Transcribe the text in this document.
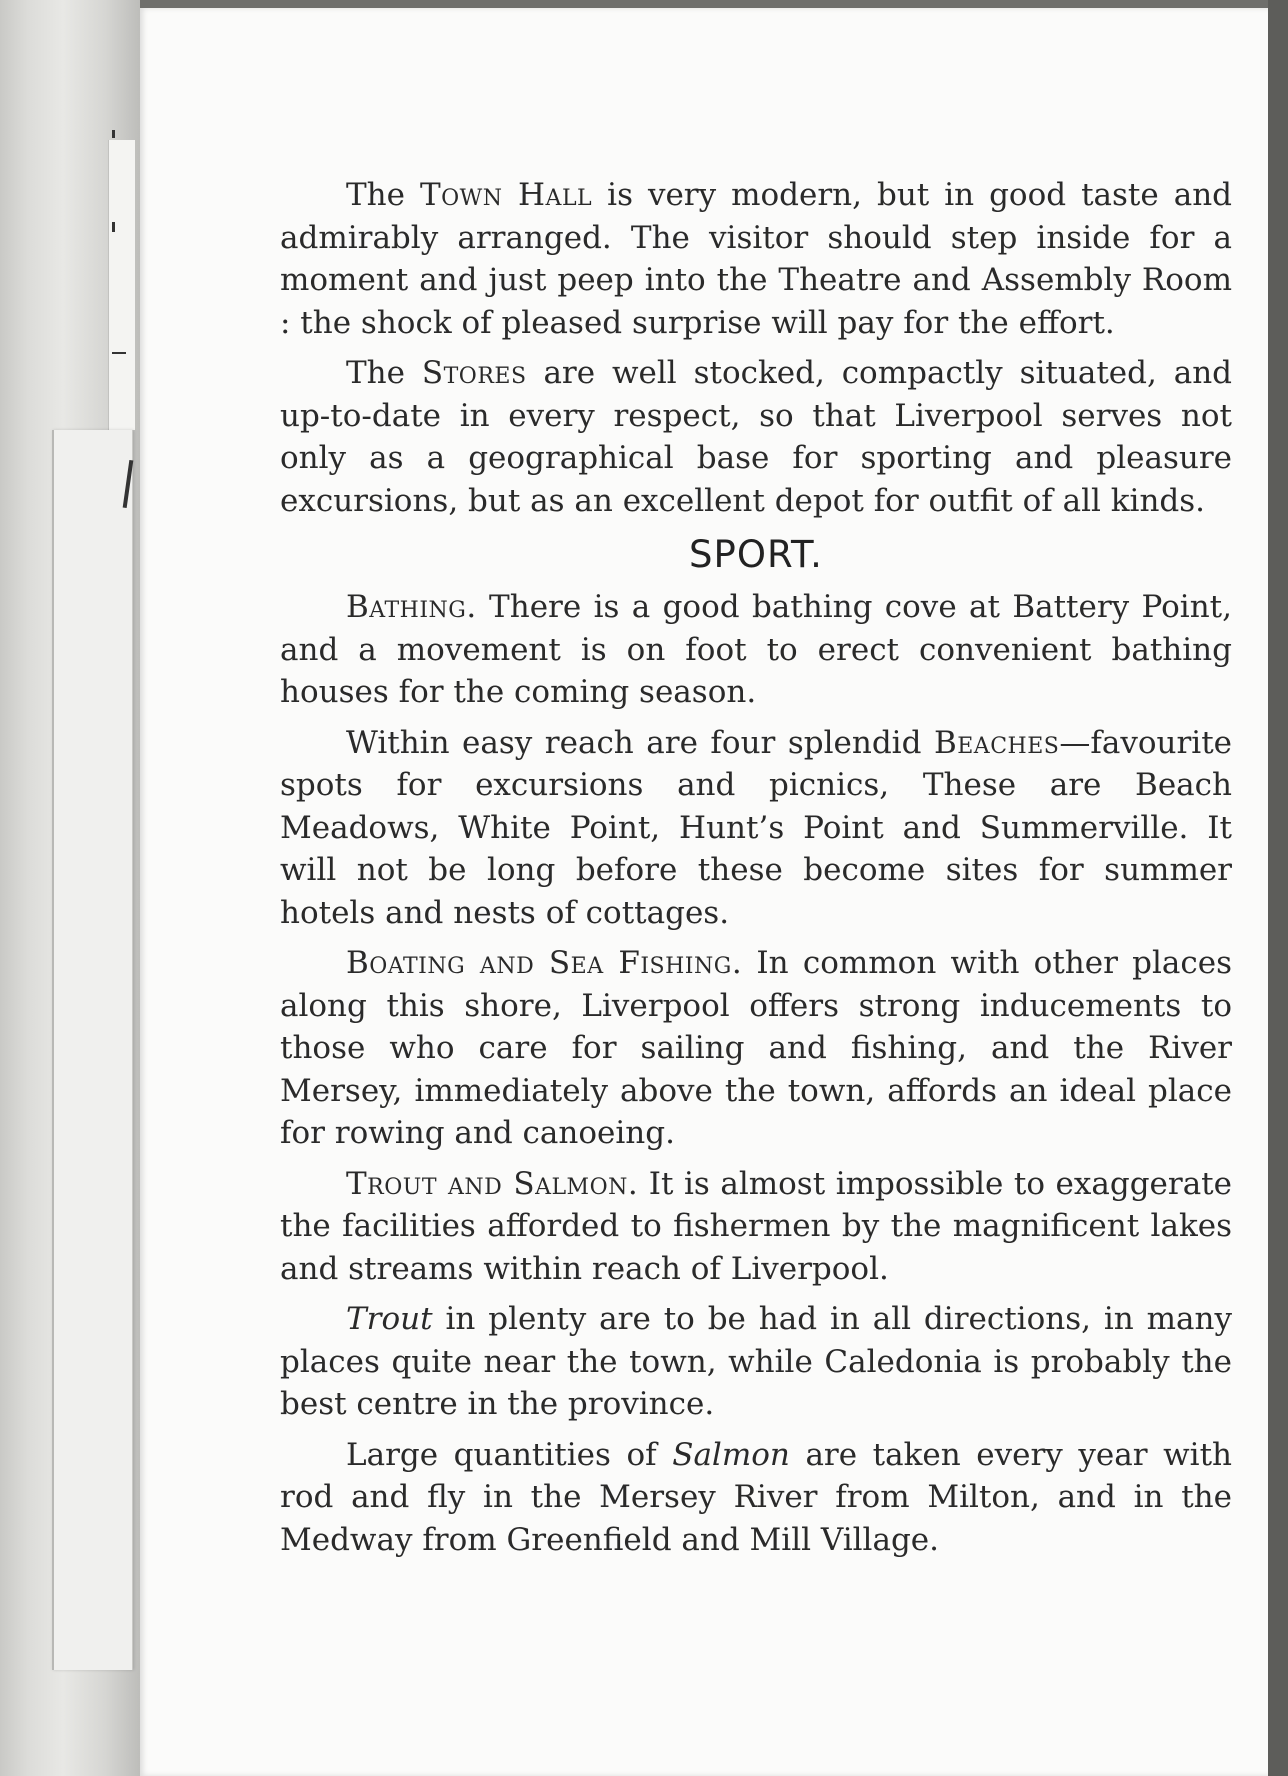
The Town Hall is very modern, but in good taste and admirably arranged. The visitor should step inside for a moment and just peep into the Theatre and Assembly Room : the shock of pleased surprise will pay for the effort.

The Stores are well stocked, compactly situated, and up-to-date in every respect, so that Liverpool serves not only as a geographical base for sporting and pleasure excursions, but as an excellent depot for outfit of all kinds.

SPORT.

Bathing. There is a good bathing cove at Battery Point, and a movement is on foot to erect convenient bathing houses for the coming season.

Within easy reach are four splendid Beaches—favourite spots for excursions and picnics, These are Beach Meadows, White Point, Hunt’s Point and Summerville. It will not be long before these become sites for summer hotels and nests of cottages.

Boating and Sea Fishing. In common with other places along this shore, Liverpool offers strong inducements to those who care for sailing and fishing, and the River Mersey, immediately above the town, affords an ideal place for rowing and canoeing.

Trout and Salmon. It is almost impossible to exaggerate the facilities afforded to fishermen by the magnificent lakes and streams within reach of Liverpool.

Trout in plenty are to be had in all directions, in many places quite near the town, while Caledonia is probably the best centre in the province.

Large quantities of Salmon are taken every year with rod and fly in the Mersey River from Milton, and in the Medway from Greenfield and Mill Village.
